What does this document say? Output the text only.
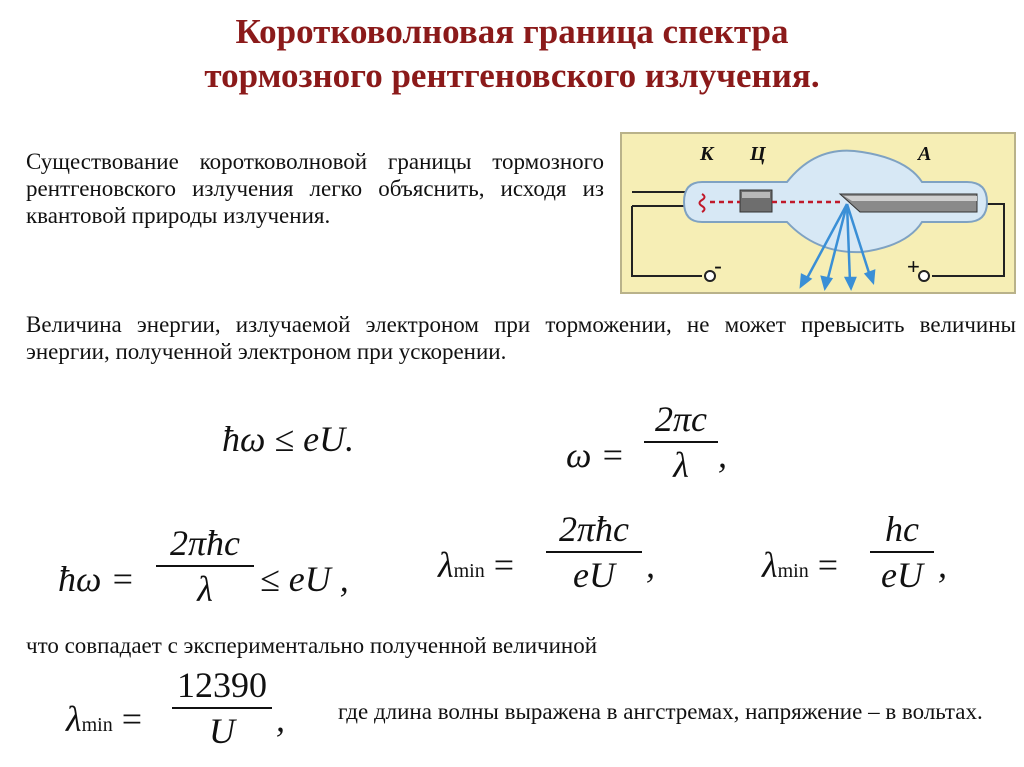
Коротковолновая граница спектра
тормозного рентгеновского излучения.
Существование коротковолновой границы тормозного рентгеновского излучения легко объяснить, исходя из квантовой природы излучения.
К Ц	А
-	+
Величина энергии, излучаемой электроном при торможении, не может превысить величины энергии, полученной электроном при ускорении.
ħω ≤ eU.	ω =
2πc
λ ,
ħω =
2πħc
λ	≤ eU , λmin =
2πħc
eU ,	λmin =
hc
eU ,
что совпадает с экспериментально полученной величиной
λmin =
12390
U	, где длина волны выражена в ангстремах, напряжение – в вольтах.
